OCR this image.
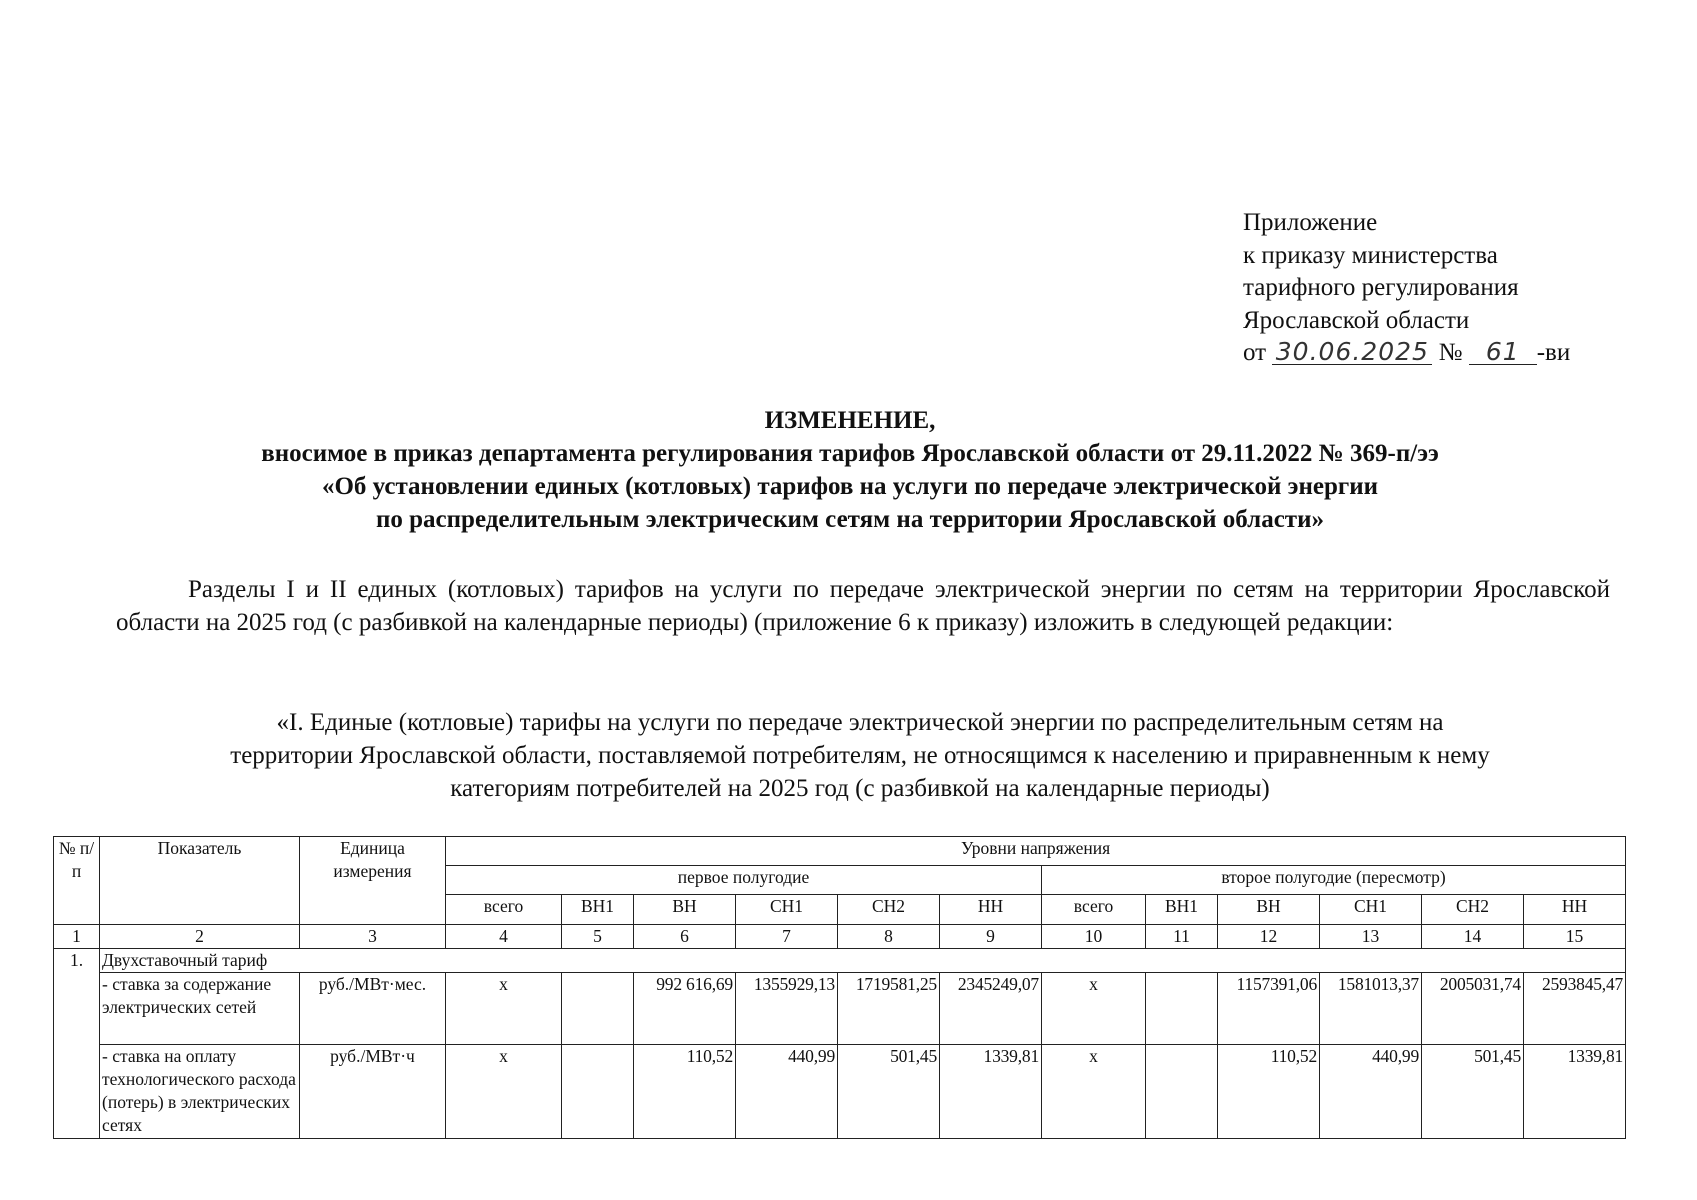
Приложение
к приказу министерства
тарифного регулирования
Ярославской области
от 30.06.2025 № 61 -ви
ИЗМЕНЕНИЕ,
вносимое в приказ департамента регулирования тарифов Ярославской области от 29.11.2022 № 369-п/ээ
«Об установлении единых (котловых) тарифов на услуги по передаче электрической энергии
по распределительным электрическим сетям на территории Ярославской области»
Разделы I и II единых (котловых) тарифов на услуги по передаче электрической энергии по сетям на территории Ярославской области на 2025 год (с разбивкой на календарные периоды) (приложение 6 к приказу) изложить в следующей редакции:
«I. Единые (котловые) тарифы на услуги по передаче электрической энергии по распределительным сетям на
территории Ярославской области, поставляемой потребителям, не относящимся к населению и приравненным к нему
категориям потребителей на 2025 год (с разбивкой на календарные периоды)
№ п/п	Показатель	Единица измерения	Уровни напряжения											
			первое полугодие						второе полугодие (пересмотр)					
			всего	ВН1	ВН	СН1	СН2	НН	всего	ВН1	ВН	СН1	СН2	НН
1	2	3	4	5	6	7	8	9	10	11	12	13	14	15
1.	Двухставочный тариф													
	- ставка за содержание электрических сетей	руб./МВт·мес.	х		992 616,69	1355929,13	1719581,25	2345249,07	х		1157391,06	1581013,37	2005031,74	2593845,47
	- ставка на оплату технологического расхода (потерь) в электрических сетях	руб./МВт·ч	х		110,52	440,99	501,45	1339,81	х		110,52	440,99	501,45	1339,81
